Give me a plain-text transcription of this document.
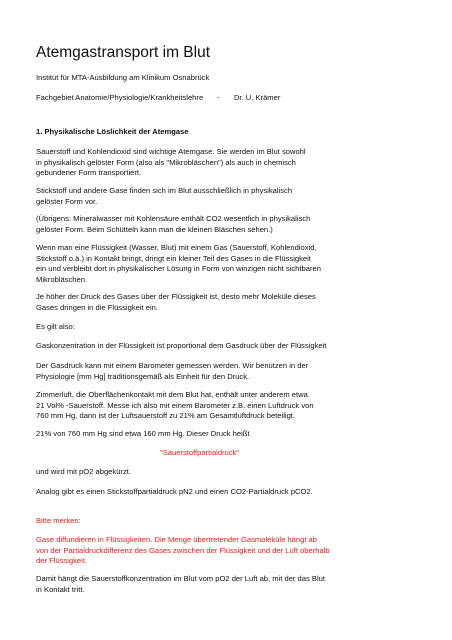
Atemgastransport im Blut

Institut für MTA-Ausbildung am Klinikum Osnabrück

Fachgebiet Anatomie/Physiologie/Krankheitslehre - Dr. U. Krämer

1. Physikalische Löslichkeit der Atemgase

Sauerstoff und Kohlendioxid sind wichtige Atemgase. Sie werden im Blut sowohl
in physikalisch gelöster Form (also als "Mikrobläschen") als auch in chemisch
gebundener Form transportiert.
Stickstoff und andere Gase finden sich im Blut ausschließlich in physikalisch
gelöster Form vor.
(Übrigens: Mineralwasser mit Kohlensäure enthält CO2 wesentlich in physikalisch
gelöster Form. Beim Schütteln kann man die kleinen Bläschen sehen.)
Wenn man eine Flüssigkeit (Wasser, Blut) mit einem Gas (Sauerstoff, Kohlendioxid,
Stickstoff o.ä.) in Kontakt bringt, dringt ein kleiner Teil des Gases in die Flüssigkeit
ein und verbleibt dort in physikalischer Lösung in Form von winzigen nicht sichtbaren
Mikrobläschen.
Je höher der Druck des Gases über der Flüssigkeit ist, desto mehr Moleküle dieses
Gases dringen in die Flüssigkeit ein.
Es gilt also:
Gaskonzentration in der Flüssigkeit ist proportional dem Gasdruck über der Flüssigkeit
Der Gasdruck kann mit einem Barometer gemessen werden. Wir benutzen in der
Physiologie [mm Hg] traditionsgemäß als Einheit für den Druck.
Zimmerluft, die Oberflächenkontakt mit dem Blut hat, enthält unter anderem etwa
21 Vol% -Sauerstoff. Messe ich also mit einem Barometer z.B. einen Luftdruck von
760 mm Hg, dann ist der Luftsauerstoff zu 21% am Gesamtluftdruck beteiligt.
21% von 760 mm Hg sind etwa 160 mm Hg. Dieser Druck heißt
"Sauerstoffpartialdruck"
und wird mit pO2 abgekürzt.
Analog gibt es einen Stickstoffpartialdruck pN2 und einen CO2-Partialdruck pCO2.
Bitte merken:
Gase diffundieren in Flüssigkeiten. Die Menge übertretender Gasmoleküle hängt ab
von der Partialdruckdifferenz des Gases zwischen der Flüssigkeit und der Luft oberhalb
der Flüssigkeit.
Damit hängt die Sauerstoffkonzentration im Blut vom pO2 der Luft ab, mit der das Blut
in Kontakt tritt.
